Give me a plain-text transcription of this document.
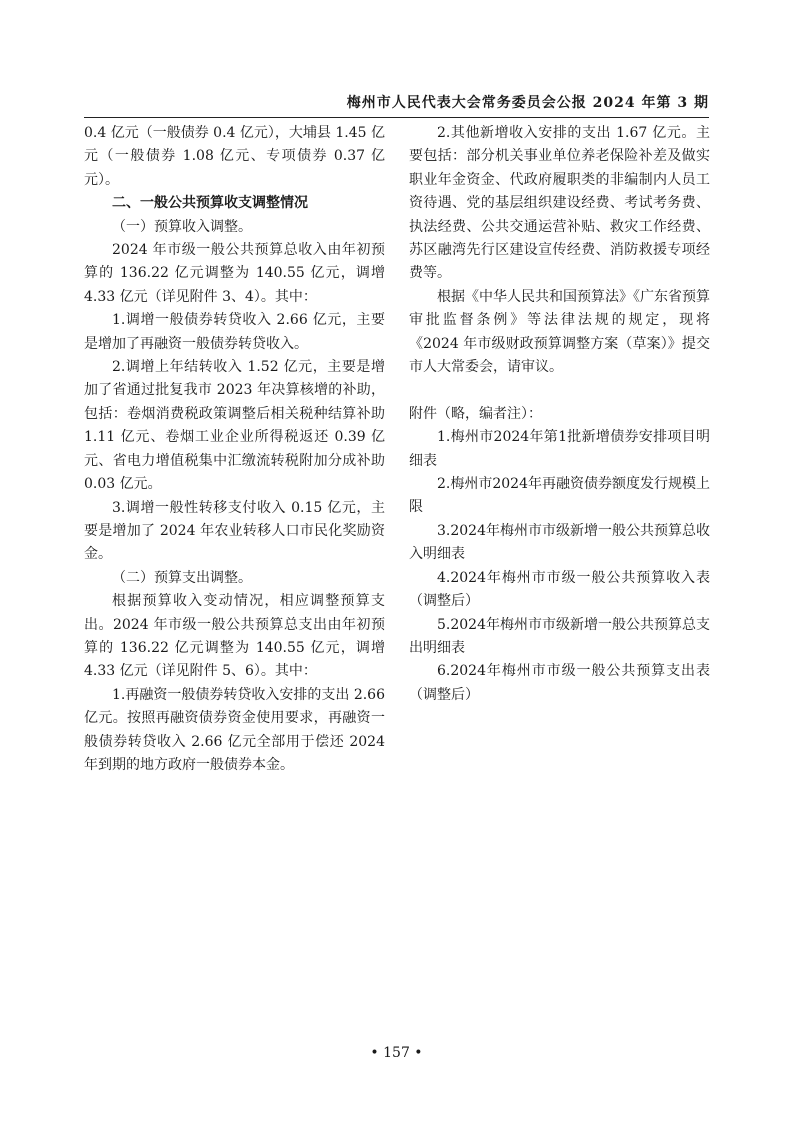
梅州市人民代表大会常务委员会公报 2024 年第 3 期

0.4 亿元（一般债券 0.4 亿元），大埔县 1.45 亿元（一般债券 1.08 亿元、专项债券 0.37 亿元）。

二、一般公共预算收支调整情况

（一）预算收入调整。

2024 年市级一般公共预算总收入由年初预算的 136.22 亿元调整为 140.55 亿元，调增 4.33 亿元（详见附件 3、4）。其中：

1.调增一般债券转贷收入 2.66 亿元，主要是增加了再融资一般债券转贷收入。

2.调增上年结转收入 1.52 亿元，主要是增加了省通过批复我市 2023 年决算核增的补助，包括：卷烟消费税政策调整后相关税种结算补助 1.11 亿元、卷烟工业企业所得税返还 0.39 亿元、省电力增值税集中汇缴流转税附加分成补助 0.03 亿元。

3.调增一般性转移支付收入 0.15 亿元，主要是增加了 2024 年农业转移人口市民化奖励资金。

（二）预算支出调整。

根据预算收入变动情况，相应调整预算支出。2024 年市级一般公共预算总支出由年初预算的 136.22 亿元调整为 140.55 亿元，调增 4.33 亿元（详见附件 5、6）。其中：

1.再融资一般债券转贷收入安排的支出 2.66 亿元。按照再融资债券资金使用要求，再融资一般债券转贷收入 2.66 亿元全部用于偿还 2024 年到期的地方政府一般债券本金。

2.其他新增收入安排的支出 1.67 亿元。主要包括：部分机关事业单位养老保险补差及做实职业年金资金、代政府履职类的非编制内人员工资待遇、党的基层组织建设经费、考试考务费、执法经费、公共交通运营补贴、救灾工作经费、苏区融湾先行区建设宣传经费、消防救援专项经费等。

根据《中华人民共和国预算法》《广东省预算审批监督条例》等法律法规的规定，现将《2024 年市级财政预算调整方案（草案）》提交市人大常委会，请审议。

附件（略，编者注）：

1.梅州市2024年第1批新增债券安排项目明细表

2.梅州市2024年再融资债券额度发行规模上限

3.2024年梅州市市级新增一般公共预算总收入明细表

4.2024年梅州市市级一般公共预算收入表（调整后）

5.2024年梅州市市级新增一般公共预算总支出明细表

6.2024年梅州市市级一般公共预算支出表（调整后）

• 157 •
